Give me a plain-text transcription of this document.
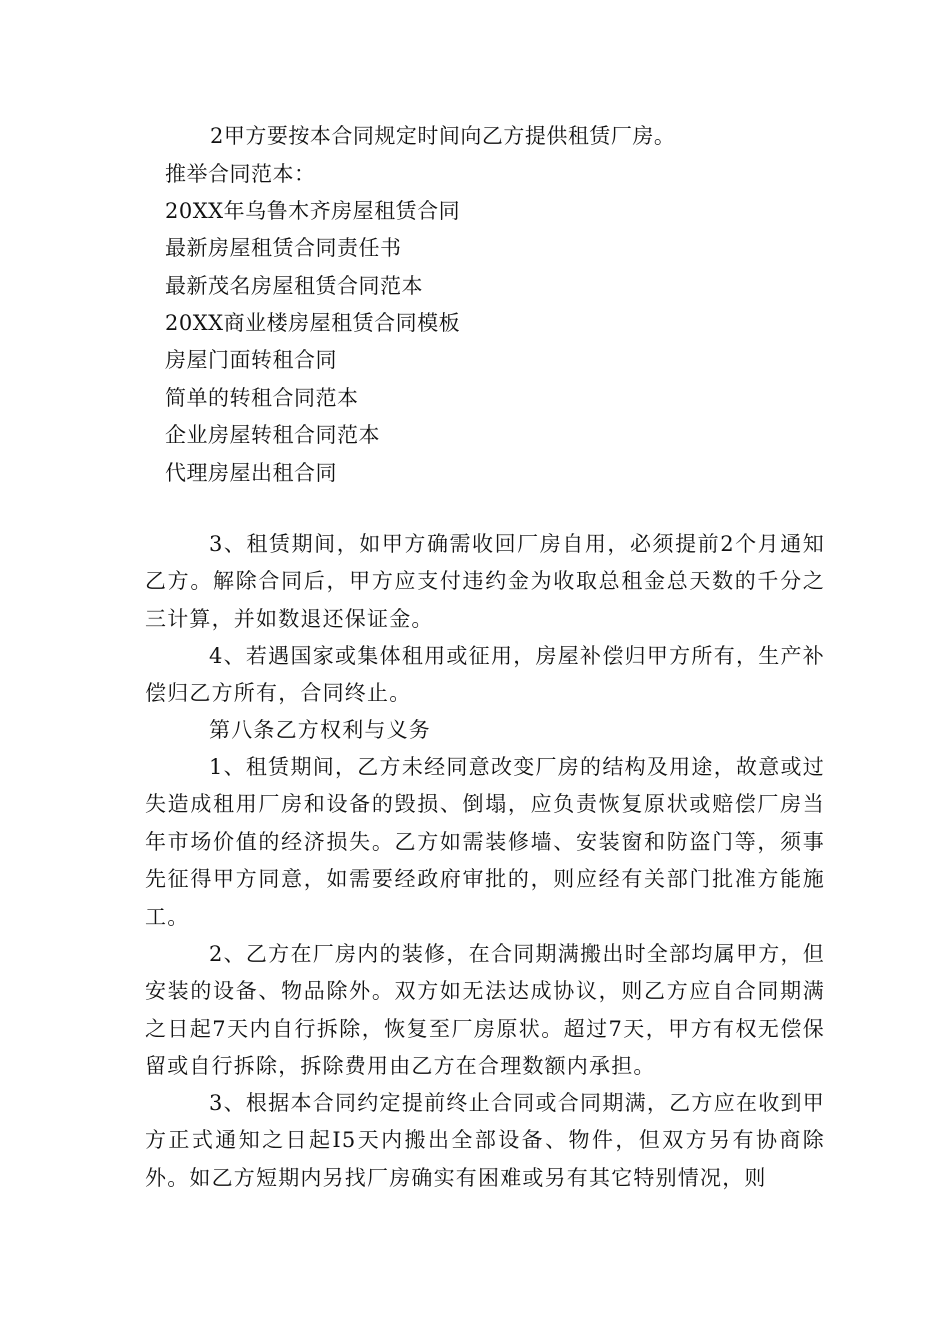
2甲方要按本合同规定时间向乙方提供租赁厂房。
推举合同范本：
20XX年乌鲁木齐房屋租赁合同
最新房屋租赁合同责任书
最新茂名房屋租赁合同范本
20XX商业楼房屋租赁合同模板
房屋门面转租合同
简单的转租合同范本
企业房屋转租合同范本
代理房屋出租合同

3、租赁期间，如甲方确需收回厂房自用，必须提前2个月通知乙方。解除合同后，甲方应支付违约金为收取总租金总天数的千分之三计算，并如数退还保证金。

4、若遇国家或集体租用或征用，房屋补偿归甲方所有，生产补偿归乙方所有，合同终止。

第八条乙方权利与义务

1、租赁期间，乙方未经同意改变厂房的结构及用途，故意或过失造成租用厂房和设备的毁损、倒塌，应负责恢复原状或赔偿厂房当年市场价值的经济损失。乙方如需装修墙、安装窗和防盗门等，须事先征得甲方同意，如需要经政府审批的，则应经有关部门批准方能施工。

2、乙方在厂房内的装修，在合同期满搬出时全部均属甲方，但安装的设备、物品除外。双方如无法达成协议，则乙方应自合同期满之日起7天内自行拆除，恢复至厂房原状。超过7天，甲方有权无偿保留或自行拆除，拆除费用由乙方在合理数额内承担。

3、根据本合同约定提前终止合同或合同期满，乙方应在收到甲方正式通知之日起I5天内搬出全部设备、物件，但双方另有协商除外。如乙方短期内另找厂房确实有困难或另有其它特别情况，则
